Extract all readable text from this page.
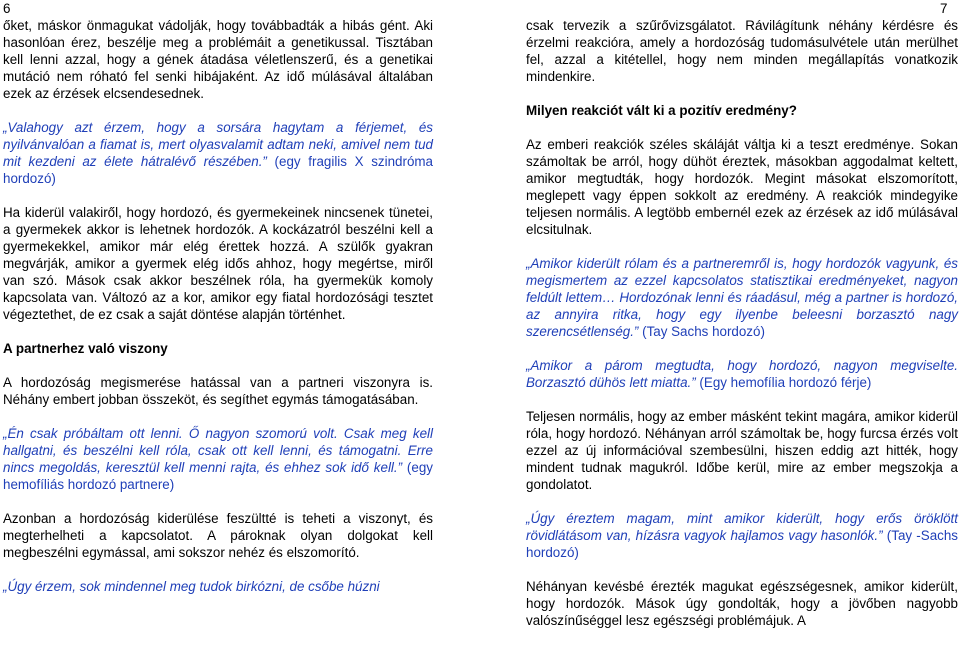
6	7

őket, máskor önmagukat vádolják, hogy továbbadták a hibás gént. Aki hasonlóan érez, beszélje meg a problémáit a genetikussal. Tisztában kell lenni azzal, hogy a gének átadása véletlenszerű, és a genetikai mutáció nem róható fel senki hibájaként. Az idő múlásával általában ezek az érzések elcsendesednek.

„Valahogy azt érzem, hogy a sorsára hagytam a férjemet, és nyilvánvalóan a fiamat is, mert olyasvalamit adtam neki, amivel nem tud mit kezdeni az élete hátralévő részében.” (egy fragilis X szindróma hordozó)

Ha kiderül valakiről, hogy hordozó, és gyermekeinek nincsenek tünetei, a gyermekek akkor is lehetnek hordozók. A kockázatról beszélni kell a gyermekekkel, amikor már elég érettek hozzá. A szülők gyakran megvárják, amikor a gyermek elég idős ahhoz, hogy megértse, miről van szó. Mások csak akkor beszélnek róla, ha gyermekük komoly kapcsolata van. Változó az a kor, amikor egy fiatal hordozósági tesztet végeztethet, de ez csak a saját döntése alapján történhet.

A partnerhez való viszony

A hordozóság megismerése hatással van a partneri viszonyra is. Néhány embert jobban összeköt, és segíthet egymás támogatásában.

„Én csak próbáltam ott lenni. Ő nagyon szomorú volt. Csak meg kell hallgatni, és beszélni kell róla, csak ott kell lenni, és támogatni. Erre nincs megoldás, keresztül kell menni rajta, és ehhez sok idő kell.” (egy hemofíliás hordozó partnere)

Azonban a hordozóság kiderülése feszültté is teheti a viszonyt, és megterhelheti a kapcsolatot. A pároknak olyan dolgokat kell megbeszélni egymással, ami sokszor nehéz és elszomorító.

„Úgy érzem, sok mindennel meg tudok birkózni, de csőbe húzni

csak tervezik a szűrővizsgálatot. Rávilágítunk néhány kérdésre és érzelmi reakcióra, amely a hordozóság tudomásulvétele után merülhet fel, azzal a kitétellel, hogy nem minden megállapítás vonatkozik mindenkire.

Milyen reakciót vált ki a pozitív eredmény?

Az emberi reakciók széles skáláját váltja ki a teszt eredménye. Sokan számoltak be arról, hogy dühöt éreztek, másokban aggodalmat keltett, amikor megtudták, hogy hordozók. Megint másokat elszomorított, meglepett vagy éppen sokkolt az eredmény. A reakciók mindegyike teljesen normális. A legtöbb embernél ezek az érzések az idő múlásával elcsitulnak.

„Amikor kiderült rólam és a partneremről is, hogy hordozók vagyunk, és megismertem az ezzel kapcsolatos statisztikai eredményeket, nagyon feldúlt lettem… Hordozónak lenni és ráadásul, még a partner is hordozó, az annyira ritka, hogy egy ilyenbe beleesni borzasztó nagy szerencsétlenség.” (Tay Sachs hordozó)

„Amikor a párom megtudta, hogy hordozó, nagyon megviselte. Borzasztó dühös lett miatta.” (Egy hemofília hordozó férje)

Teljesen normális, hogy az ember másként tekint magára, amikor kiderül róla, hogy hordozó. Néhányan arról számoltak be, hogy furcsa érzés volt ezzel az új információval szembesülni, hiszen eddig azt hitték, hogy mindent tudnak magukról. Időbe kerül, mire az ember megszokja a gondolatot.

„Úgy éreztem magam, mint amikor kiderült, hogy erős öröklött rövidlátásom van, hízásra vagyok hajlamos vagy hasonlók.” (Tay -Sachs hordozó)

Néhányan kevésbé érezték magukat egészségesnek, amikor kiderült, hogy hordozók. Mások úgy gondolták, hogy a jövőben nagyobb valószínűséggel lesz egészségi problémájuk. A
